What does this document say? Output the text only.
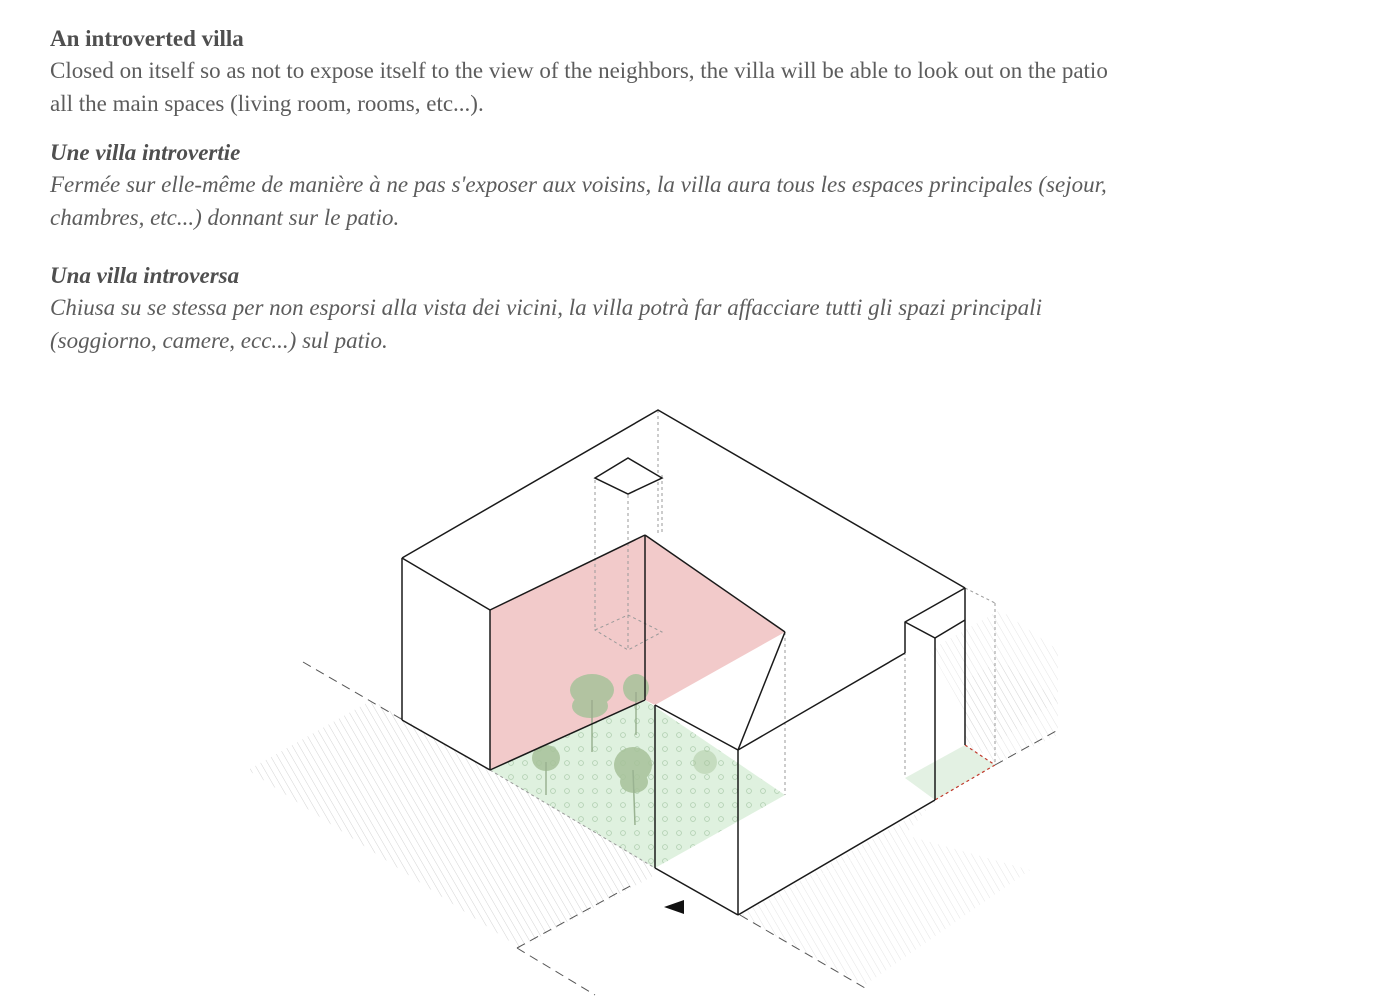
An introverted villa

Closed on itself so as not to expose itself to the view of the neighbors, the villa will be able to look out on the patio all the main spaces (living room, rooms, etc...).

Une villa introvertie

Fermée sur elle-même de manière à ne pas s'exposer aux voisins, la villa aura tous les espaces principales (sejour, chambres, etc...) donnant sur le patio.

Una villa introversa

Chiusa su se stessa per non esporsi alla vista dei vicini, la villa potrà far affacciare tutti gli spazi principali (soggiorno, camere, ecc...) sul patio.
